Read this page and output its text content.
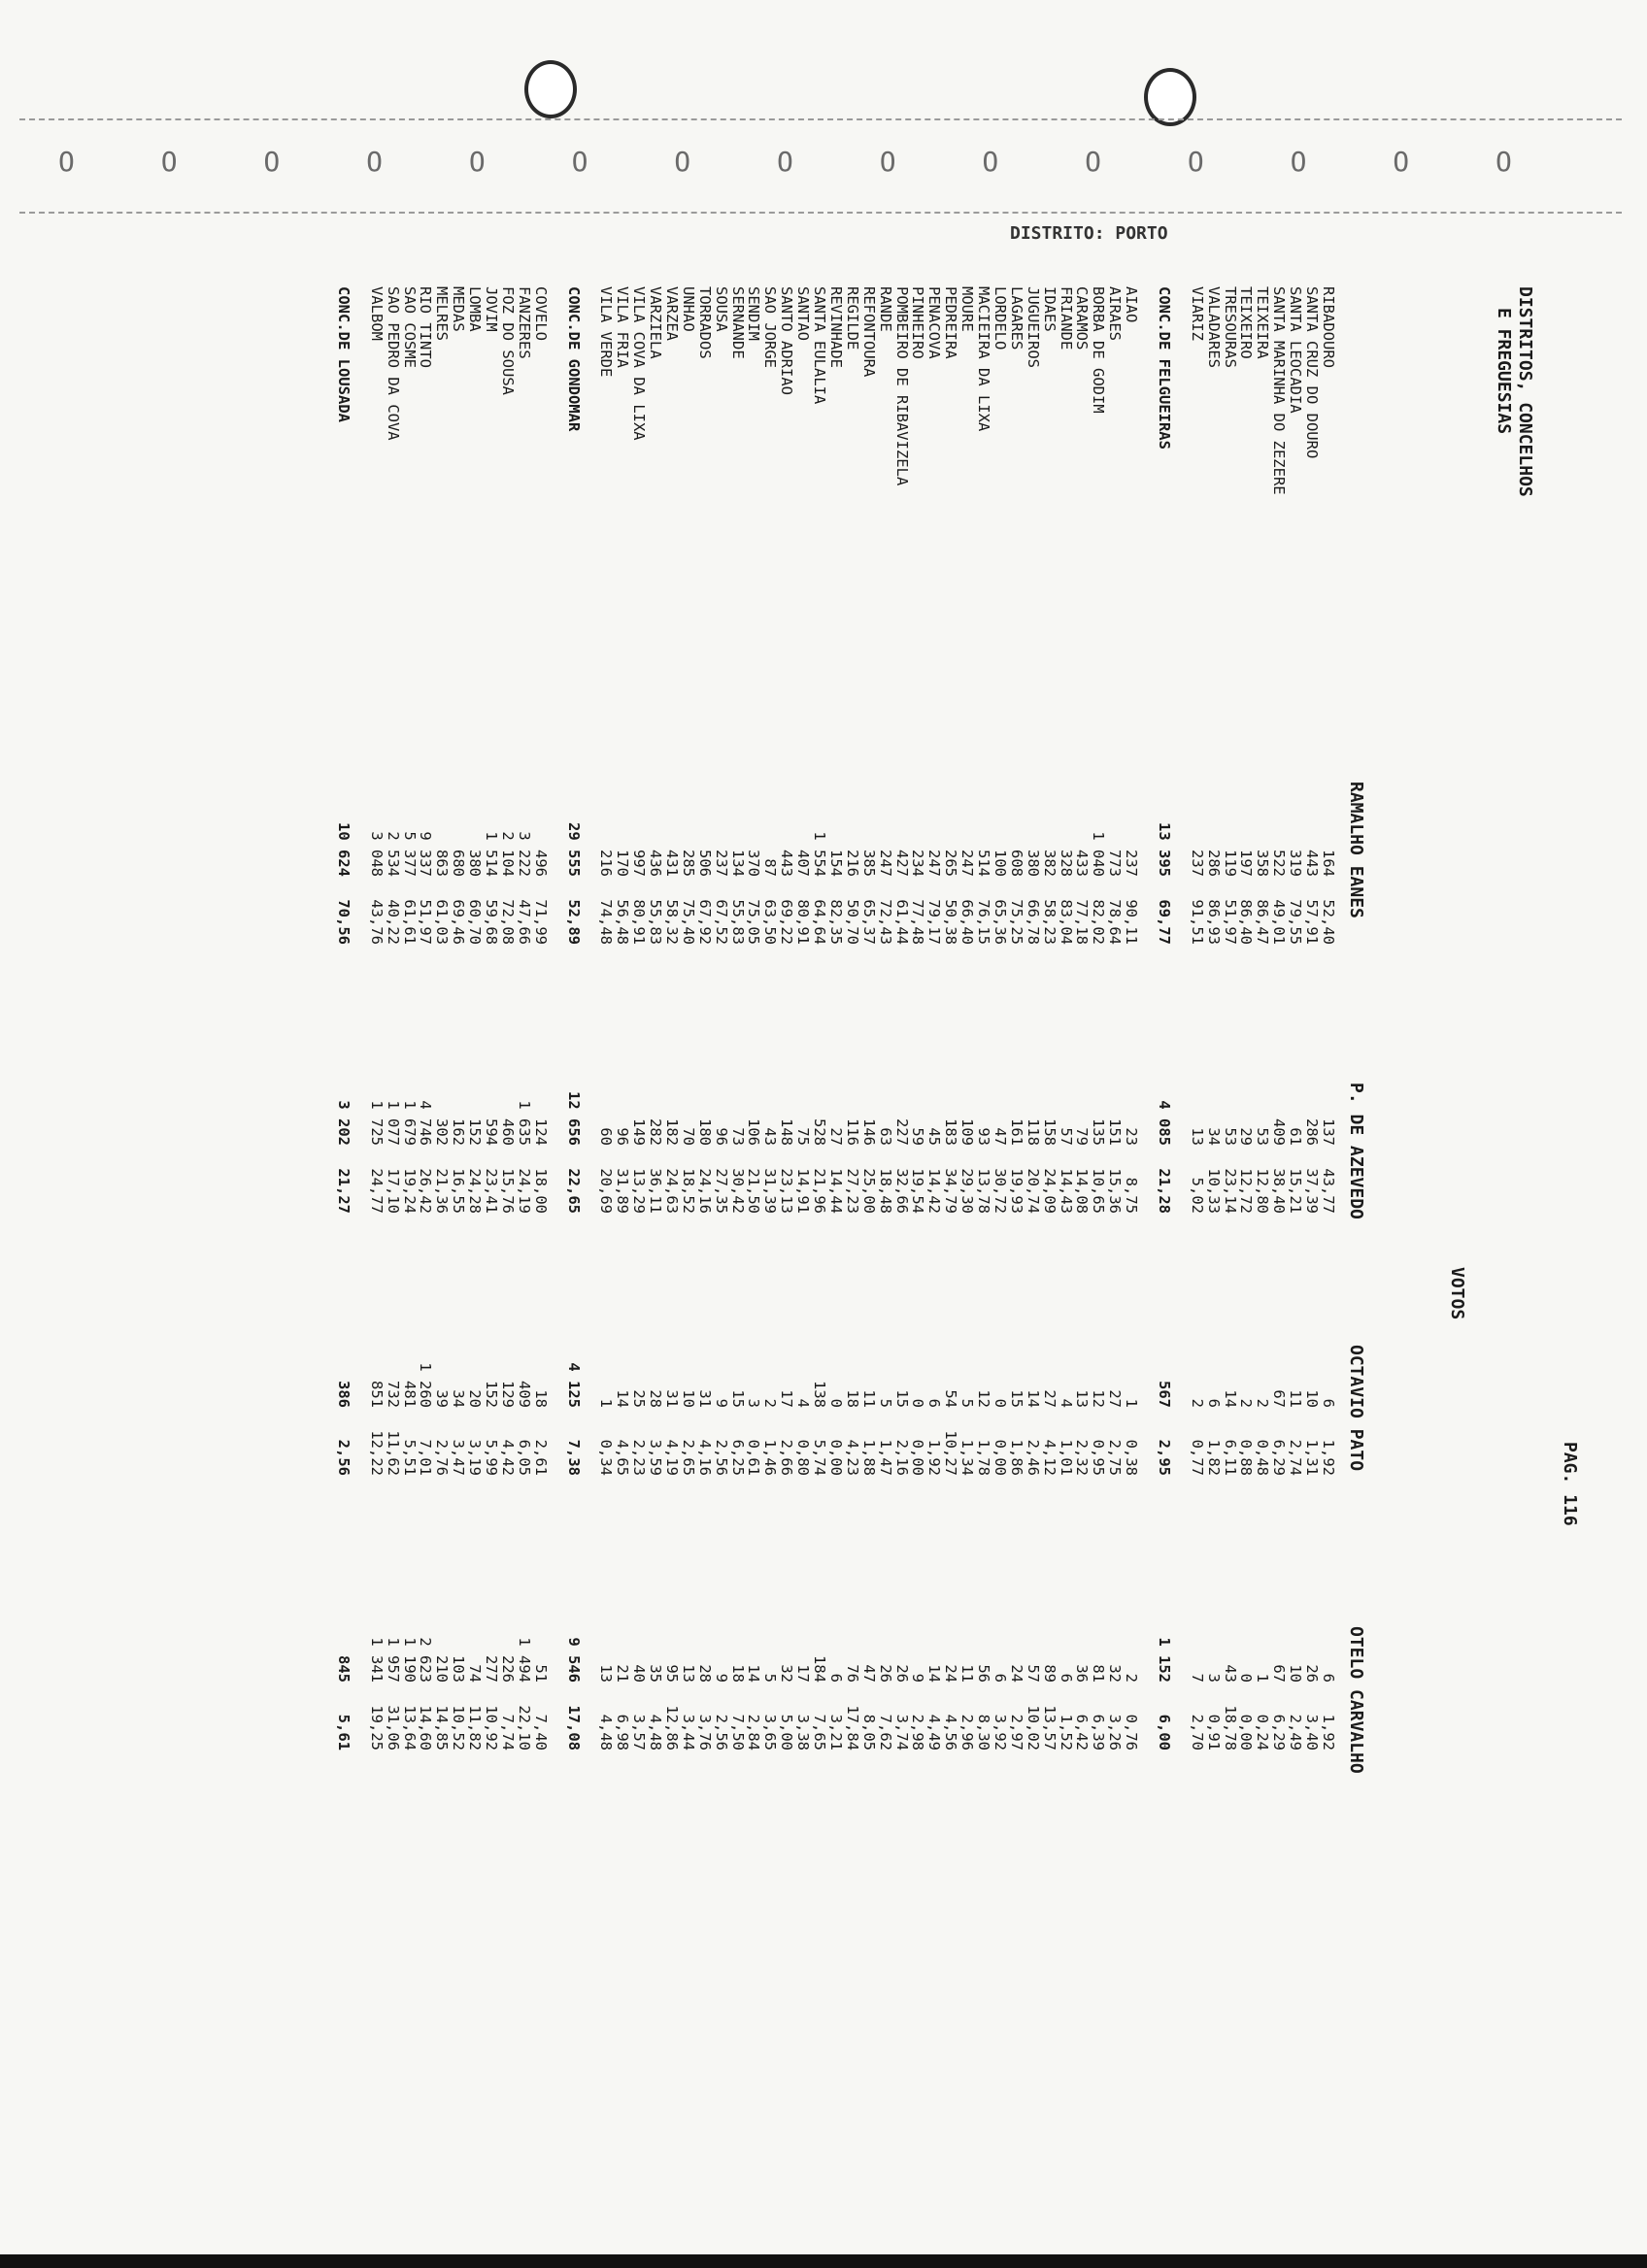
O O O O O O O O O O O O O O O
DISTRITO: PORTO
PAG. 116
DISTRITOS, CONCELHOS
E FREGUESIAS
VOTOS
RAMALHO EANES
P. DE AZEVEDO
OCTAVIO PATO
OTELO CARVALHO
RIBADOURO
164
52,40
137
43,77
6
1,92
6
1,92
SANTA CRUZ DO DOURO
443
57,91
286
37,39
10
1,31
26
3,40
SANTA LEOCADIA
319
79,55
61
15,21
11
2,74
10
2,49
SANTA MARINHA DO ZEZERE
522
49,01
409
38,40
67
6,29
67
6,29
TEIXEIRA
358
86,47
53
12,80
2
0,48
1
0,24
TEIXEIRO
197
86,40
29
12,72
2
0,88
0
0,00
TRESOURAS
119
51,97
53
23,14
14
6,11
43
18,78
VALADARES
286
86,93
34
10,33
6
1,82
3
0,91
VIARIZ
237
91,51
13
5,02
2
0,77
7
2,70
CONC.DE FELGUEIRAS
13 395
69,77
4 085
21,28
567
2,95
1 152
6,00
AIAO
237
90,11
23
8,75
1
0,38
2
0,76
AIRAES
773
78,64
151
15,36
27
2,75
32
3,26
BORBA DE GODIM
1 040
82,02
135
10,65
12
0,95
81
6,39
CARAMOS
433
77,18
79
14,08
13
2,32
36
6,42
FRIANDE
328
83,04
57
14,43
4
1,01
6
1,52
IDAES
382
58,23
158
24,09
27
4,12
89
13,57
JUGUEIROS
380
66,78
118
20,74
14
2,46
57
10,02
LAGARES
608
75,25
161
19,93
15
1,86
24
2,97
LORDELO
100
65,36
47
30,72
0
0,00
6
3,92
MACIEIRA DA LIXA
514
76,15
93
13,78
12
1,78
56
8,30
MOURE
247
66,40
109
29,30
5
1,34
11
2,96
PEDREIRA
265
50,38
183
34,79
54
10,27
24
4,56
PENACOVA
247
79,17
45
14,42
6
1,92
14
4,49
PINHEIRO
234
77,48
59
19,54
0
0,00
9
2,98
POMBEIRO DE RIBAVIZELA
427
61,44
227
32,66
15
2,16
26
3,74
RANDE
247
72,43
63
18,48
5
1,47
26
7,62
REFONTOURA
385
65,37
146
25,00
11
1,88
47
8,05
REGILDE
216
50,70
116
27,23
18
4,23
76
17,84
REVINHADE
154
82,35
27
14,44
0
0,00
6
3,21
SANTA EULALIA
1 554
64,64
528
21,96
138
5,74
184
7,65
SANTAO
407
80,91
75
14,91
4
0,80
17
3,38
SANTO ADRIAO
443
69,22
148
23,13
17
2,66
32
5,00
SAO JORGE
87
63,50
43
31,39
2
1,46
5
3,65
SENDIM
370
75,05
106
21,50
3
0,61
14
2,84
SERNANDE
134
55,83
73
30,42
15
6,25
18
7,50
SOUSA
237
67,52
96
27,35
9
2,56
9
2,56
TORRADOS
506
67,92
180
24,16
31
4,16
28
3,76
UNHAO
285
75,40
70
18,52
10
2,65
13
3,44
VARZEA
431
58,32
182
24,63
31
4,19
95
12,86
VARZIELA
436
55,83
282
36,11
28
3,59
35
4,48
VILA COVA DA LIXA
997
80,91
149
13,29
25
2,23
40
3,57
VILA FRIA
170
56,48
96
31,89
14
4,65
21
6,98
VILA VERDE
216
74,48
60
20,69
1
0,34
13
4,48
CONC.DE GONDOMAR
29 555
52,89
12 656
22,65
4 125
7,38
9 546
17,08
COVELO
496
71,99
124
18,00
18
2,61
51
7,40
FANZERES
3 222
47,66
1 635
24,19
409
6,05
1 494
22,10
FOZ DO SOUSA
2 104
72,08
460
15,76
129
4,42
226
7,74
JOVIM
1 514
59,68
594
23,41
152
5,99
277
10,92
LOMBA
380
60,70
152
24,28
20
3,19
74
11,82
MEDAS
680
69,46
162
16,55
34
3,47
103
10,52
MELRES
863
61,03
302
21,36
39
2,76
210
14,85
RIO TINTO
9 337
51,97
4 746
26,42
1 260
7,01
2 623
14,60
SAO COSME
5 377
61,61
1 679
19,24
481
5,51
1 190
13,64
SAO PEDRO DA COVA
2 534
40,22
1 077
17,10
732
11,62
1 957
31,06
VALBOM
3 048
43,76
1 725
24,77
851
12,22
1 341
19,25
CONC.DE LOUSADA
10 624
70,56
3 202
21,27
386
2,56
845
5,61
